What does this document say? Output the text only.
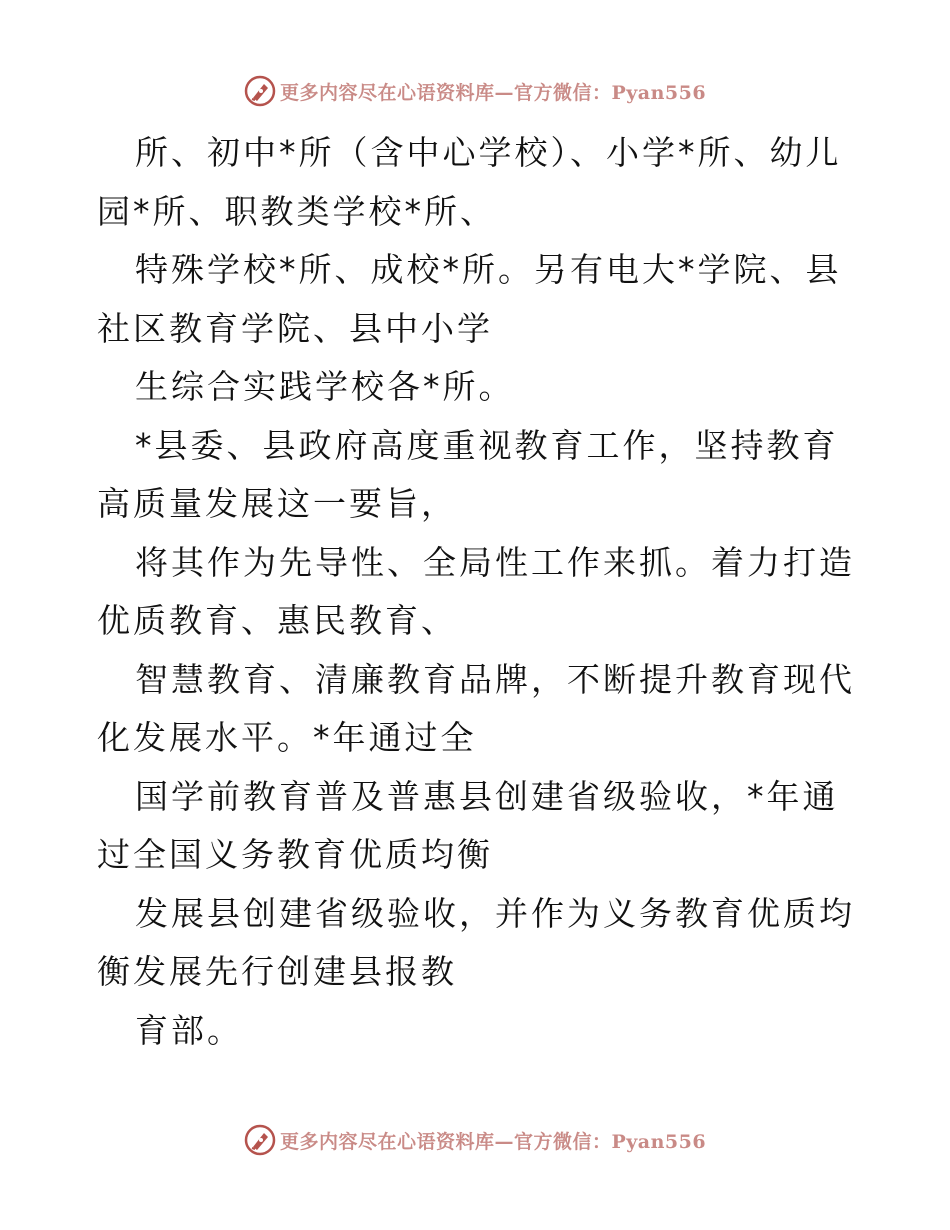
更多内容尽在心语资料库—官方微信：Pyan556

所、初中*所（含中心学校）、小学*所、幼儿园*所、职教类学校*所、

特殊学校*所、成校*所。另有电大*学院、县社区教育学院、县中小学

生综合实践学校各*所。

*县委、县政府高度重视教育工作，坚持教育高质量发展这一要旨，

将其作为先导性、全局性工作来抓。着力打造优质教育、惠民教育、

智慧教育、清廉教育品牌，不断提升教育现代化发展水平。*年通过全

国学前教育普及普惠县创建省级验收，*年通过全国义务教育优质均衡

发展县创建省级验收，并作为义务教育优质均衡发展先行创建县报教

育部。

更多内容尽在心语资料库—官方微信：Pyan556
